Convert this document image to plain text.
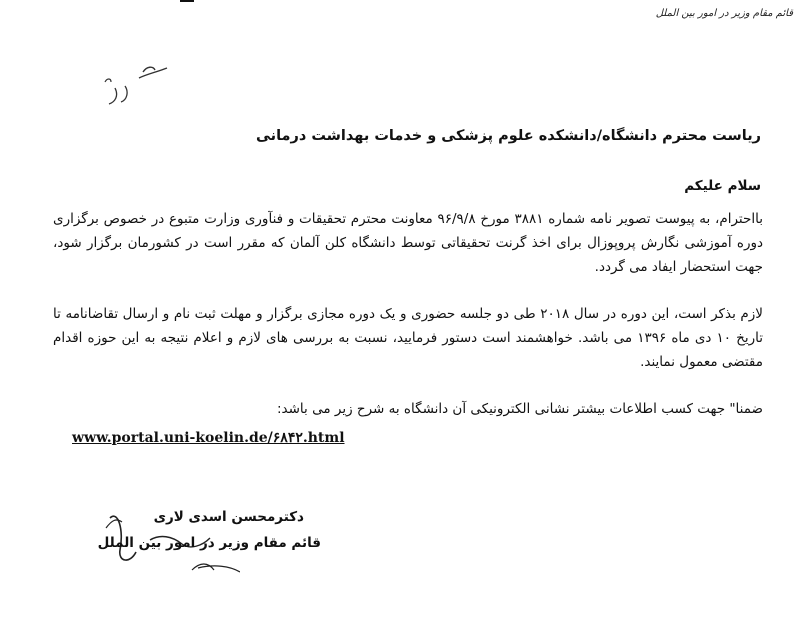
قائم مقام وزیر در امور بین الملل
ریاست محترم دانشگاه/دانشکده علوم پزشکی و خدمات بهداشت درمانی
سلام علیکم

بااحترام، به پیوست تصویر نامه شماره ۳۸۸۱ مورخ ۹۶/۹/۸ معاونت محترم تحقیقات و فنآوری وزارت متبوع در خصوص برگزاری دوره آموزشی نگارش پروپوزال برای اخذ گرنت تحقیقاتی توسط دانشگاه کلن آلمان که مقرر است در کشورمان برگزار شود، جهت استحضار ایفاد می گردد.

لازم بذکر است، این دوره در سال ۲۰۱۸ طی دو جلسه حضوری و یک دوره مجازی برگزار و مهلت ثبت نام و ارسال تقاضانامه تا تاریخ ۱۰ دی ماه ۱۳۹۶ می باشد. خواهشمند است دستور فرمایید، نسبت به بررسی های لازم و اعلام نتیجه به این حوزه اقدام مقتضی معمول نمایند.

ضمنا" جهت کسب اطلاعات بیشتر نشانی الکترونیکی آن دانشگاه به شرح زیر می باشد:

www.portal.uni-koelin.de/۶۸۴۲.html
دکترمحسن اسدی لاری
قائم مقام وزیر در امور بین الملل
